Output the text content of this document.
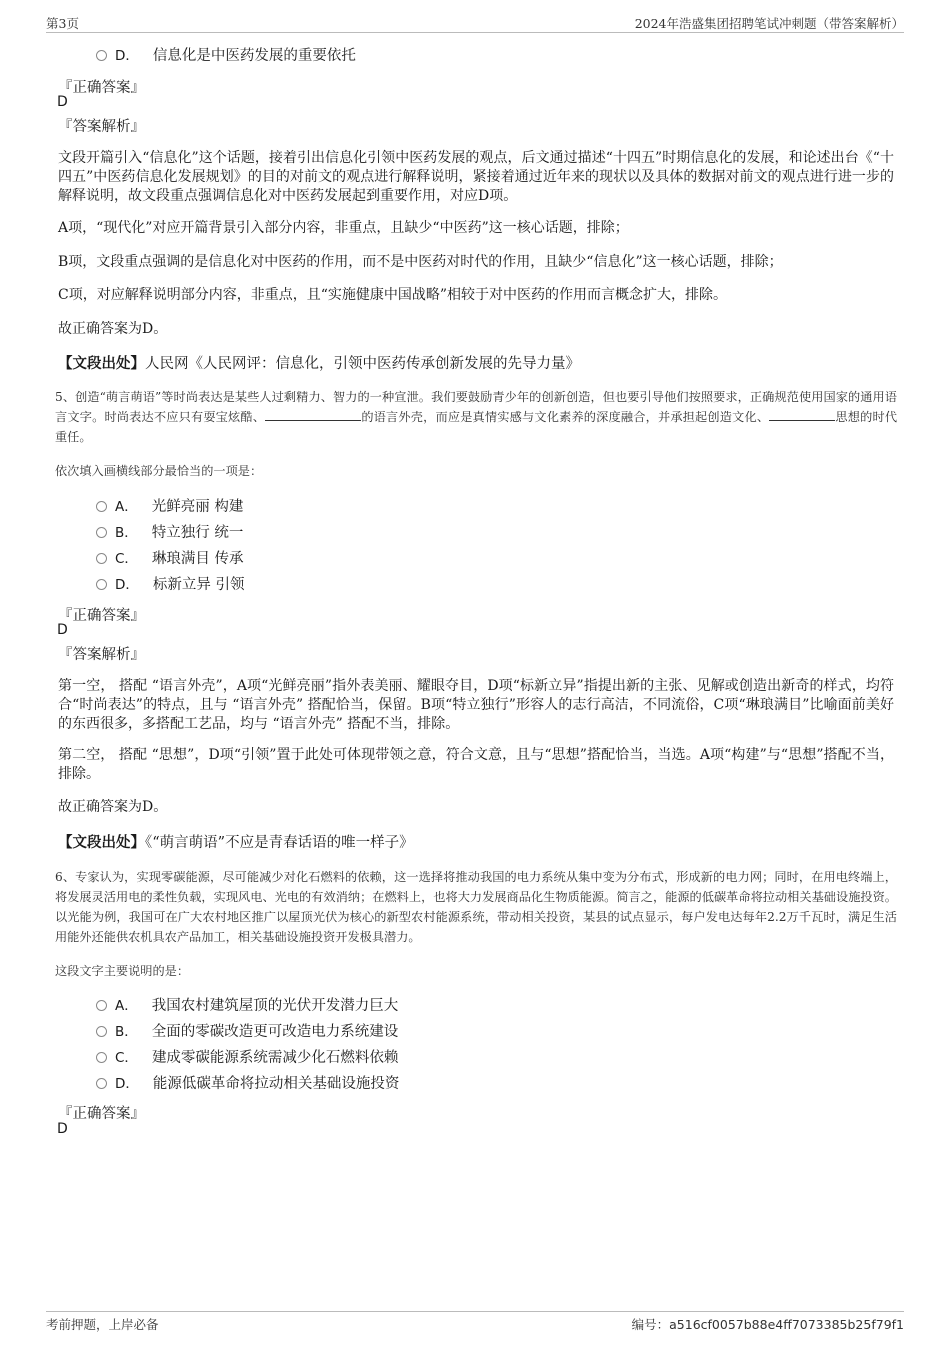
第3页	2024年浩盛集团招聘笔试冲刺题（带答案解析）
D． 信息化是中医药发展的重要依托
『正确答案』
D
『答案解析』
文段开篇引入“信息化”这个话题，接着引出信息化引领中医药发展的观点，后文通过描述“十四五”时期信息化的发展，和论述出台《“十四五”中医药信息化发展规划》的目的对前文的观点进行解释说明，紧接着通过近年来的现状以及具体的数据对前文的观点进行进一步的解释说明，故文段重点强调信息化对中医药发展起到重要作用，对应D项。
A项，“现代化”对应开篇背景引入部分内容，非重点，且缺少“中医药”这一核心话题，排除；
B项，文段重点强调的是信息化对中医药的作用，而不是中医药对时代的作用，且缺少“信息化”这一核心话题，排除；
C项，对应解释说明部分内容，非重点，且“实施健康中国战略”相较于对中医药的作用而言概念扩大，排除。
故正确答案为D。
【文段出处】人民网《人民网评：信息化，引领中医药传承创新发展的先导力量》
5、创造“萌言萌语”等时尚表达是某些人过剩精力、智力的一种宣泄。我们要鼓励青少年的创新创造，但也要引导他们按照要求，正确规范使用国家的通用语言文字。时尚表达不应只有耍宝炫酷、	的语言外壳，而应是真情实感与文化素养的深度融合，并承担起创造文化、	思想的时代重任。
依次填入画横线部分最恰当的一项是：
A． 光鲜亮丽 构建
B． 特立独行 统一
C． 琳琅满目 传承
D． 标新立异 引领
『正确答案』
D
『答案解析』
第一空， 搭配 “语言外壳”，A项“光鲜亮丽”指外表美丽、耀眼夺目，D项“标新立异”指提出新的主张、见解或创造出新奇的样式，均符合“时尚表达”的特点，且与 “语言外壳” 搭配恰当，保留。B项“特立独行”形容人的志行高洁，不同流俗，C项“琳琅满目”比喻面前美好的东西很多，多搭配工艺品，均与 “语言外壳” 搭配不当，排除。
第二空， 搭配 “思想”，D项“引领”置于此处可体现带领之意，符合文意，且与“思想”搭配恰当，当选。A项“构建”与“思想”搭配不当，排除。
故正确答案为D。
【文段出处】《“萌言萌语”不应是青春话语的唯一样子》
6、专家认为，实现零碳能源，尽可能减少对化石燃料的依赖，这一选择将推动我国的电力系统从集中变为分布式，形成新的电力网；同时，在用电终端上，将发展灵活用电的柔性负载，实现风电、光电的有效消纳；在燃料上，也将大力发展商品化生物质能源。简言之，能源的低碳革命将拉动相关基础设施投资。以光能为例，我国可在广大农村地区推广以屋顶光伏为核心的新型农村能源系统，带动相关投资，某县的试点显示，每户发电达每年2.2万千瓦时，满足生活用能外还能供农机具农产品加工，相关基础设施投资开发极具潜力。
这段文字主要说明的是：
A． 我国农村建筑屋顶的光伏开发潜力巨大
B． 全面的零碳改造更可改造电力系统建设
C． 建成零碳能源系统需减少化石燃料依赖
D． 能源低碳革命将拉动相关基础设施投资
『正确答案』
D
考前押题，上岸必备	编号：a516cf0057b88e4ff7073385b25f79f1
